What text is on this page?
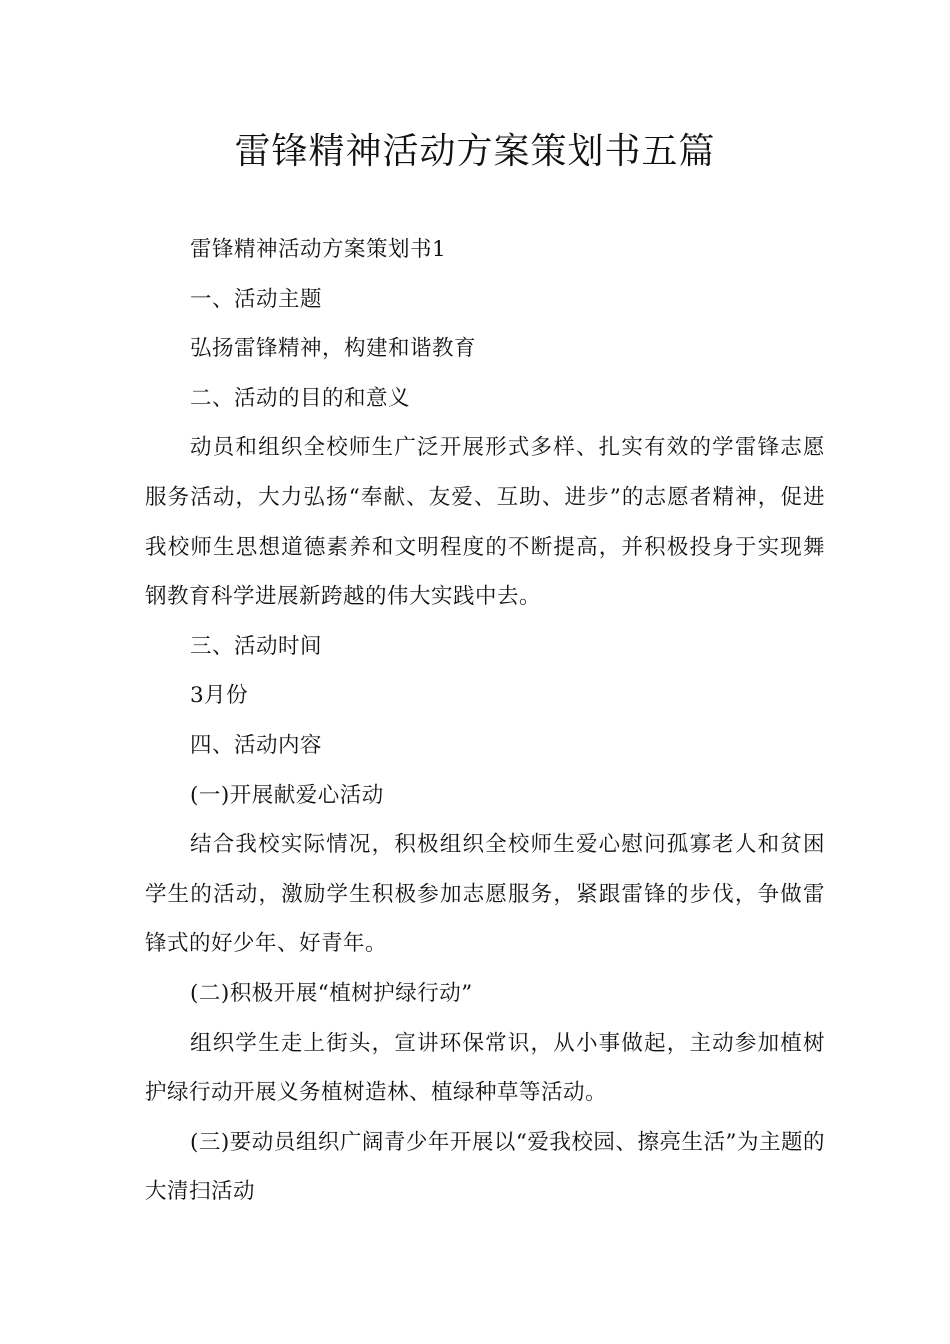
雷锋精神活动方案策划书五篇

雷锋精神活动方案策划书1

一、活动主题

弘扬雷锋精神，构建和谐教育

二、活动的目的和意义

动员和组织全校师生广泛开展形式多样、扎实有效的学雷锋志愿服务活动，大力弘扬“奉献、友爱、互助、进步”的志愿者精神，促进我校师生思想道德素养和文明程度的不断提高，并积极投身于实现舞钢教育科学进展新跨越的伟大实践中去。

三、活动时间

3月份

四、活动内容

(一)开展献爱心活动

结合我校实际情况，积极组织全校师生爱心慰问孤寡老人和贫困学生的活动，激励学生积极参加志愿服务，紧跟雷锋的步伐，争做雷锋式的好少年、好青年。

(二)积极开展“植树护绿行动”

组织学生走上街头，宣讲环保常识，从小事做起，主动参加植树护绿行动开展义务植树造林、植绿种草等活动。

(三)要动员组织广阔青少年开展以“爱我校园、擦亮生活”为主题的大清扫活动
